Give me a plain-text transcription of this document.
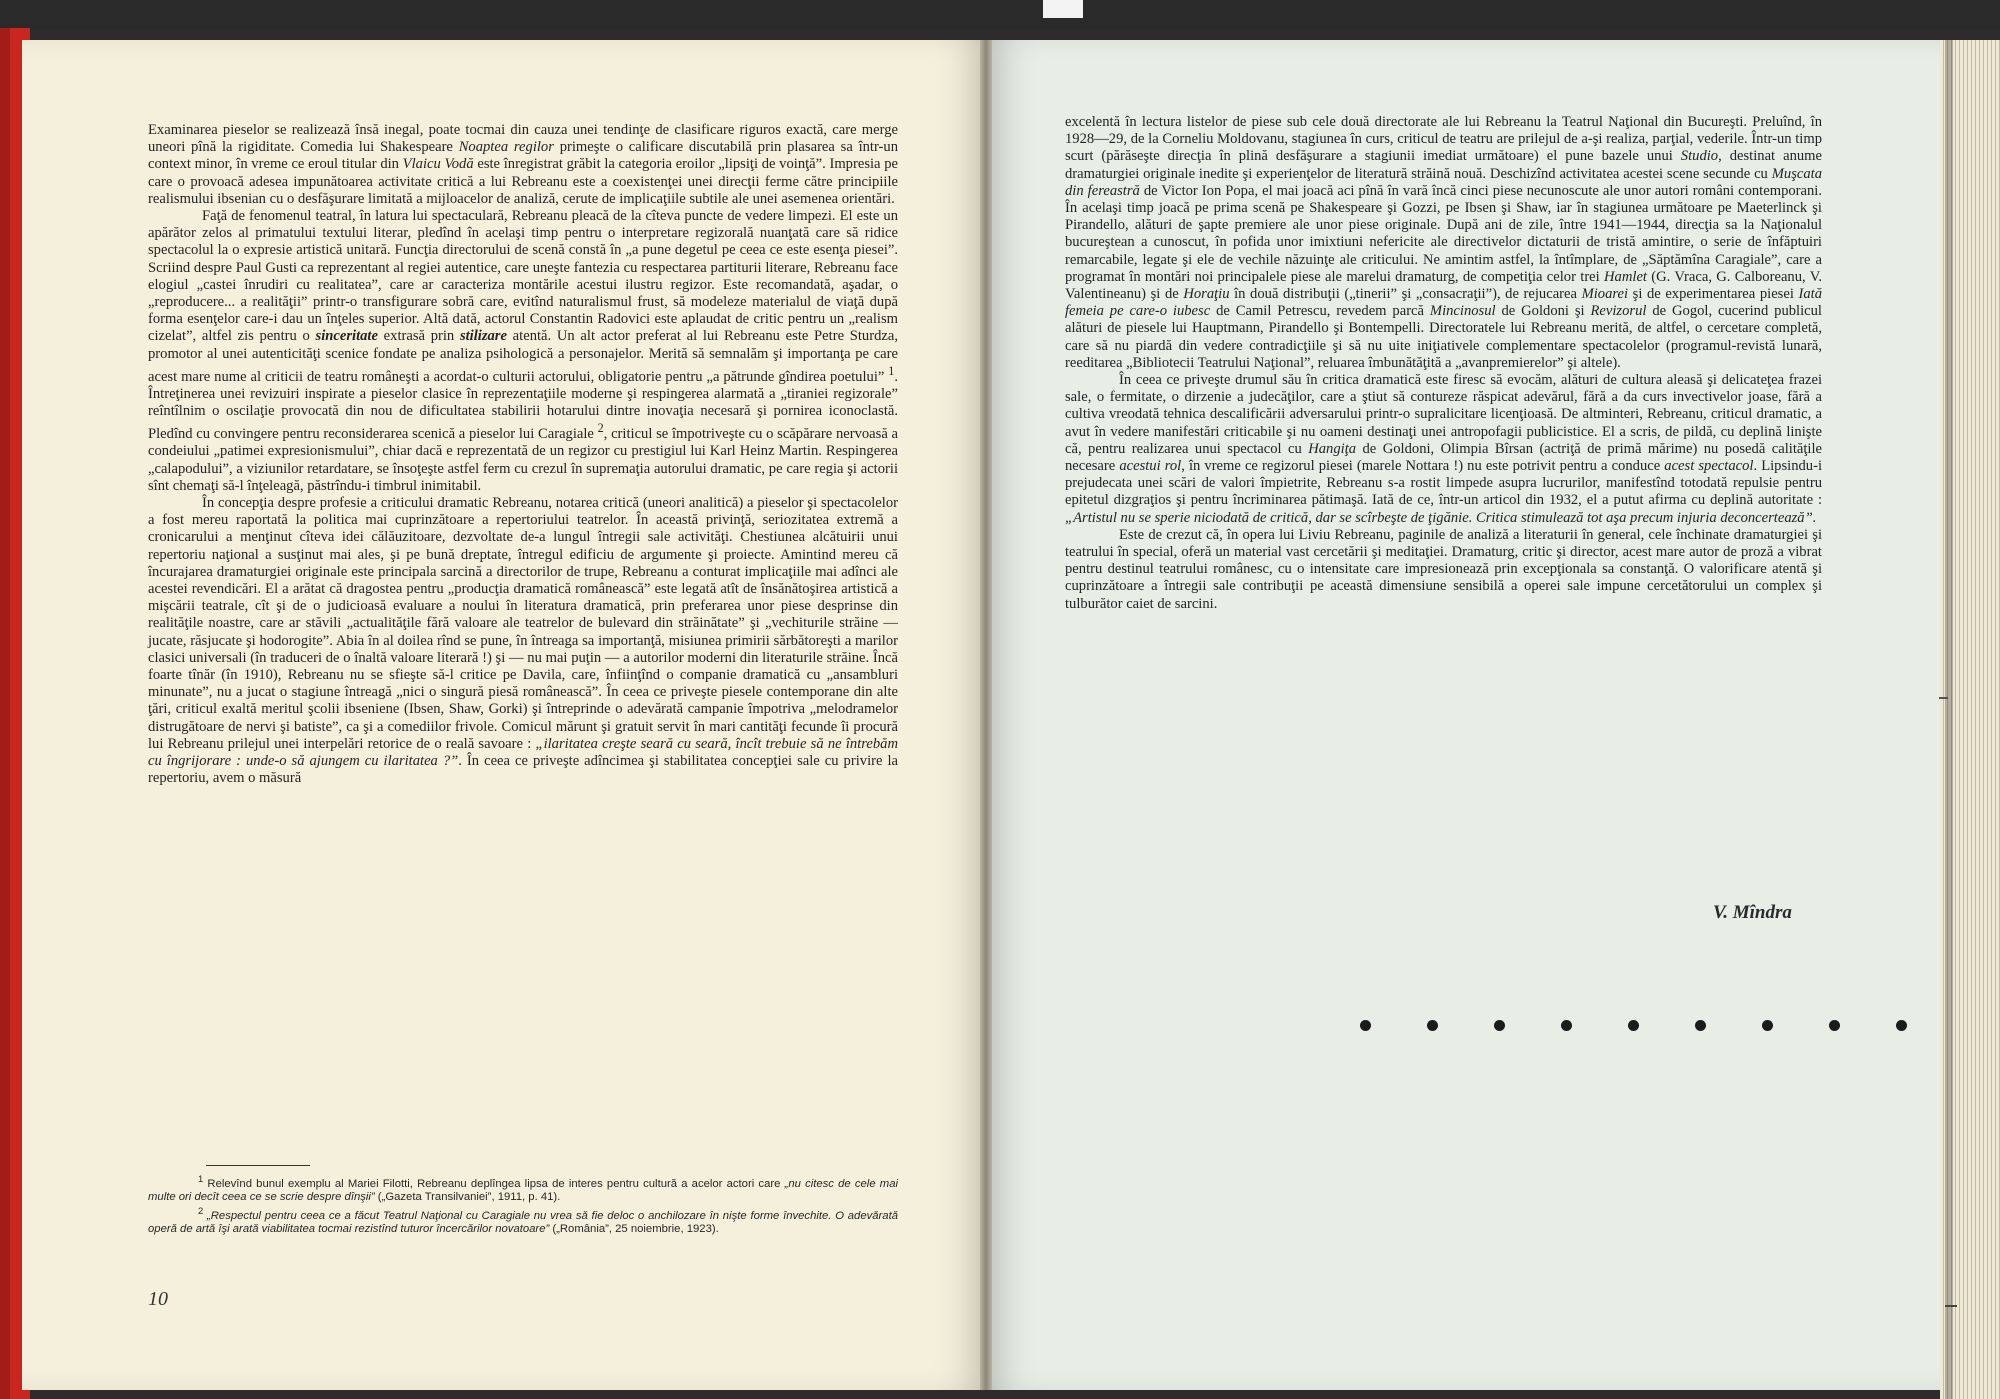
Examinarea pieselor se realizează însă inegal, poate tocmai din cauza unei tendinţe de clasificare riguros exactă, care merge uneori pînă la rigiditate. Comedia lui Shakespeare Noaptea regilor primeşte o calificare discutabilă prin plasarea sa într-un context minor, în vreme ce eroul titular din Vlaicu Vodă este înregistrat grăbit la categoria eroilor „lipsiţi de voinţă”. Impresia pe care o provoacă adesea impunătoarea activitate critică a lui Rebreanu este a coexistenţei unei direcţii ferme către principiile realismului ibsenian cu o desfăşurare limitată a mijloacelor de analiză, cerute de implicaţiile subtile ale unei asemenea orientări.

Faţă de fenomenul teatral, în latura lui spectaculară, Rebreanu pleacă de la cîteva puncte de vedere limpezi. El este un apărător zelos al primatului textului literar, pledînd în acelaşi timp pentru o interpretare regizorală nuanţată care să ridice spectacolul la o expresie artistică unitară. Funcţia directorului de scenă constă în „a pune degetul pe ceea ce este esenţa piesei”. Scriind despre Paul Gusti ca reprezentant al regiei autentice, care uneşte fantezia cu respectarea partiturii literare, Rebreanu face elogiul „castei înrudiri cu realitatea”, care ar caracteriza montările acestui ilustru regizor. Este recomandată, aşadar, o „reproducere... a realităţii” printr-o transfigurare sobră care, evitînd naturalismul frust, să modeleze materialul de viaţă după forma esenţelor care-i dau un înţeles superior. Altă dată, actorul Constantin Radovici este aplaudat de critic pentru un „realism cizelat”, altfel zis pentru o sinceritate extrasă prin stilizare atentă. Un alt actor preferat al lui Rebreanu este Petre Sturdza, promotor al unei autenticităţi scenice fondate pe analiza psihologică a personajelor. Merită să semnalăm şi importanţa pe care acest mare nume al criticii de teatru româneşti a acordat-o culturii actorului, obligatorie pentru „a pătrunde gîndirea poetului” $^1$. Întreţinerea unei revizuiri inspirate a pieselor clasice în reprezentaţiile moderne şi respingerea alarmată a „tiraniei regizorale” reîntîlnim o oscilaţie provocată din nou de dificultatea stabilirii hotarului dintre inovaţia necesară şi pornirea iconoclastă. Pledînd cu convingere pentru reconsiderarea scenică a pieselor lui Caragiale $^2$, criticul se împotriveşte cu o scăpărare nervoasă a condeiului „patimei expresionismului”, chiar dacă e reprezentată de un regizor cu prestigiul lui Karl Heinz Martin. Respingerea „calapodului”, a viziunilor retardatare, se însoţeşte astfel ferm cu crezul în supremaţia autorului dramatic, pe care regia şi actorii sînt chemaţi să-l înţeleagă, păstrîndu-i timbrul inimitabil.

În concepţia despre profesie a criticului dramatic Rebreanu, notarea critică (uneori analitică) a pieselor şi spectacolelor a fost mereu raportată la politica mai cuprinzătoare a repertoriului teatrelor. În această privinţă, seriozitatea extremă a cronicarului a menţinut cîteva idei călăuzitoare, dezvoltate de-a lungul întregii sale activităţi. Chestiunea alcătuirii unui repertoriu naţional a susţinut mai ales, şi pe bună dreptate, întregul edificiu de argumente şi proiecte. Amintind mereu că încurajarea dramaturgiei originale este principala sarcină a directorilor de trupe, Rebreanu a conturat implicaţiile mai adînci ale acestei revendicări. El a arătat că dragostea pentru „producţia dramatică românească” este legată atît de însănătoşirea artistică a mişcării teatrale, cît şi de o judicioasă evaluare a noului în literatura dramatică, prin preferarea unor piese desprinse din realităţile noastre, care ar stăvili „actualităţile fără valoare ale teatrelor de bulevard din străinătate” şi „vechiturile străine — jucate, răsjucate şi hodorogite”. Abia în al doilea rînd se pune, în întreaga sa importanţă, misiunea primirii sărbătoreşti a marilor clasici universali (în traduceri de o înaltă valoare literară !) şi — nu mai puţin — a autorilor moderni din literaturile străine. Încă foarte tînăr (în 1910), Rebreanu nu se sfieşte să-l critice pe Davila, care, înfiinţînd o companie dramatică cu „ansambluri minunate”, nu a jucat o stagiune întreagă „nici o singură piesă românească”. În ceea ce priveşte piesele contemporane din alte ţări, criticul exaltă meritul şcolii ibseniene (Ibsen, Shaw, Gorki) şi întreprinde o adevărată campanie împotriva „melodramelor distrugătoare de nervi şi batiste”, ca şi a comediilor frivole. Comicul mărunt şi gratuit servit în mari cantităţi fecunde îi procură lui Rebreanu prilejul unei interpelări retorice de o reală savoare : „ilaritatea creşte seară cu seară, încît trebuie să ne întrebăm cu îngrijorare : unde-o să ajungem cu ilaritatea ?”. În ceea ce priveşte adîncimea şi stabilitatea concepţiei sale cu privire la repertoriu, avem o măsură

$^1$ Relevînd bunul exemplu al Mariei Filotti, Rebreanu deplîngea lipsa de interes pentru cultură a acelor actori care „nu citesc de cele mai multe ori decît ceea ce se scrie despre dînşii” („Gazeta Transilvaniei”, 1911, p. 41).

$^2$ „Respectul pentru ceea ce a făcut Teatrul Naţional cu Caragiale nu vrea să fie deloc o anchilozare în nişte forme învechite. O adevărată operă de artă îşi arată viabilitatea tocmai rezistînd tuturor încercărilor novatoare” („România”, 25 noiembrie, 1923).

10

excelentă în lectura listelor de piese sub cele două directorate ale lui Rebreanu la Teatrul Naţional din Bucureşti. Preluînd, în 1928—29, de la Corneliu Moldovanu, stagiunea în curs, criticul de teatru are prilejul de a-şi realiza, parţial, vederile. Într-un timp scurt (părăseşte direcţia în plină desfăşurare a stagiunii imediat următoare) el pune bazele unui Studio, destinat anume dramaturgiei originale inedite şi experienţelor de literatură străină nouă. Deschizînd activitatea acestei scene secunde cu Muşcata din fereastră de Victor Ion Popa, el mai joacă aci pînă în vară încă cinci piese necunoscute ale unor autori români contemporani. În acelaşi timp joacă pe prima scenă pe Shakespeare şi Gozzi, pe Ibsen şi Shaw, iar în stagiunea următoare pe Maeterlinck şi Pirandello, alături de şapte premiere ale unor piese originale. După ani de zile, între 1941—1944, direcţia sa la Naţionalul bucureştean a cunoscut, în pofida unor imixtiuni nefericite ale directivelor dictaturii de tristă amintire, o serie de înfăptuiri remarcabile, legate şi ele de vechile năzuinţe ale criticului. Ne amintim astfel, la întîmplare, de „Săptămîna Caragiale”, care a programat în montări noi principalele piese ale marelui dramaturg, de competiţia celor trei Hamlet (G. Vraca, G. Calboreanu, V. Valentineanu) şi de Horaţiu în două distribuţii („tinerii” şi „consacraţii”), de rejucarea Mioarei şi de experimentarea piesei Iată femeia pe care-o iubesc de Camil Petrescu, revedem parcă Mincinosul de Goldoni şi Revizorul de Gogol, cucerind publicul alături de piesele lui Hauptmann, Pirandello şi Bontempelli. Directoratele lui Rebreanu merită, de altfel, o cercetare completă, care să nu piardă din vedere contradicţiile şi să nu uite iniţiativele complementare spectacolelor (programul-revistă lunară, reeditarea „Bibliotecii Teatrului Naţional”, reluarea îmbunătăţită a „avanpremierelor” şi altele).

În ceea ce priveşte drumul său în critica dramatică este firesc să evocăm, alături de cultura aleasă şi delicateţea frazei sale, o fermitate, o dirzenie a judecăţilor, care a ştiut să contureze răspicat adevărul, fără a da curs invectivelor joase, fără a cultiva vreodată tehnica descalificării adversarului printr-o supralicitare licenţioasă. De altminteri, Rebreanu, criticul dramatic, a avut în vedere manifestări criticabile şi nu oameni destinaţi unei antropofagii publicistice. El a scris, de pildă, cu deplină linişte că, pentru realizarea unui spectacol cu Hangiţa de Goldoni, Olimpia Bîrsan (actriţă de primă mărime) nu posedă calităţile necesare acestui rol, în vreme ce regizorul piesei (marele Nottara !) nu este potrivit pentru a conduce acest spectacol. Lipsindu-i prejudecata unei scări de valori împietrite, Rebreanu s-a rostit limpede asupra lucrurilor, manifestînd totodată repulsie pentru epitetul dizgraţios şi pentru încriminarea pătimaşă. Iată de ce, într-un articol din 1932, el a putut afirma cu deplină autoritate : „Artistul nu se sperie niciodată de critică, dar se scîrbeşte de ţigănie. Critica stimulează tot aşa precum injuria deconcertează”.

Este de crezut că, în opera lui Liviu Rebreanu, paginile de analiză a literaturii în general, cele închinate dramaturgiei şi teatrului în special, oferă un material vast cercetării şi meditaţiei. Dramaturg, critic şi director, acest mare autor de proză a vibrat pentru destinul teatrului românesc, cu o intensitate care impresionează prin excepţionala sa constanţă. O valorificare atentă şi cuprinzătoare a întregii sale contribuţii pe această dimensiune sensibilă a operei sale impune cercetătorului un complex şi tulburător caiet de sarcini.

V. Mîndra
